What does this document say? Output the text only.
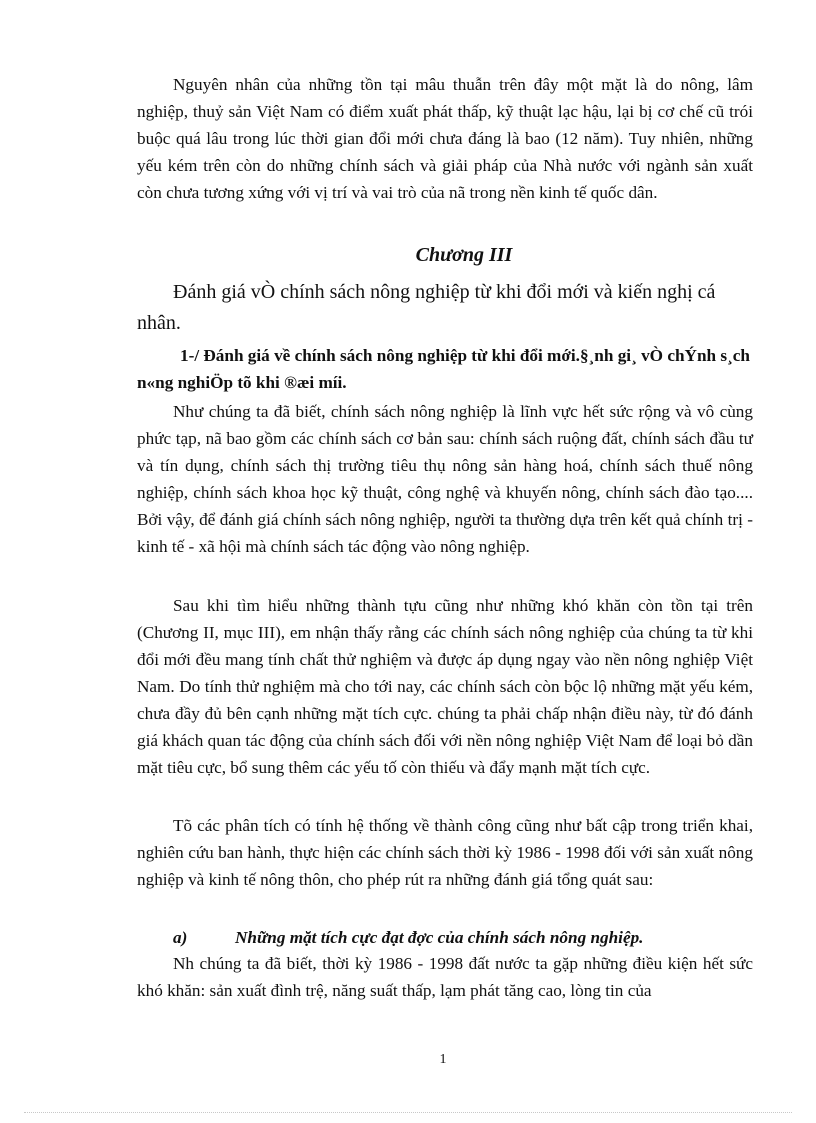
Nguyên nhân của những tồn tại mâu thuẫn trên đây một mặt là do nông, lâm nghiệp, thuỷ sản Việt Nam có điểm xuất phát thấp, kỹ thuật lạc hậu, lại bị cơ chế cũ trói buộc quá lâu trong lúc thời gian đổi mới chưa đáng là bao (12 năm). Tuy nhiên, những yếu kém trên còn do những chính sách và giải pháp của Nhà nước với ngành sản xuất còn chưa tương xứng với vị trí và vai trò của nã trong nền kinh tế quốc dân.

Chương III

Đánh giá vÒ chính sách nông nghiệp từ khi đổi mới và kiến nghị cá nhân.

1-/ Đánh giá về chính sách nông nghiệp từ khi đổi mới.§¸nh gi¸ vÒ chÝnh s¸ch n«ng nghiÖp tõ khi ®æi míi.

Như chúng ta đã biết, chính sách nông nghiệp là lĩnh vực hết sức rộng và vô cùng phức tạp, nã bao gồm các chính sách cơ bản sau: chính sách ruộng đất, chính sách đầu tư và tín dụng, chính sách thị trường tiêu thụ nông sản hàng hoá, chính sách thuế nông nghiệp, chính sách khoa học kỹ thuật, công nghệ và khuyến nông, chính sách đào tạo.... Bởi vậy, để đánh giá chính sách nông nghiệp, người ta thường dựa trên kết quả chính trị - kinh tế - xã hội mà chính sách tác động vào nông nghiệp.

Sau khi tìm hiểu những thành tựu cũng như những khó khăn còn tồn tại trên (Chương II, mục III), em nhận thấy rằng các chính sách nông nghiệp của chúng ta từ khi đổi mới đều mang tính chất thử nghiệm và được áp dụng ngay vào nền nông nghiệp Việt Nam. Do tính thử nghiệm mà cho tới nay, các chính sách còn bộc lộ những mặt yếu kém, chưa đầy đủ bên cạnh những mặt tích cực. chúng ta phải chấp nhận điều này, từ đó đánh giá khách quan tác động của chính sách đối với nền nông nghiệp Việt Nam để loại bỏ dần mặt tiêu cực, bổ sung thêm các yếu tố còn thiếu và đẩy mạnh mặt tích cực.

Tõ các phân tích có tính hệ thống về thành công cũng như bất cập trong triển khai, nghiên cứu ban hành, thực hiện các chính sách thời kỳ 1986 - 1998 đối với sản xuất nông nghiệp và kinh tế nông thôn, cho phép rút ra những đánh giá tổng quát sau:

a)	Những mặt tích cực đạt đợc của chính sách nông nghiệp.

Nh chúng ta đã biết, thời kỳ 1986 - 1998 đất nước ta gặp những điều kiện hết sức khó khăn: sản xuất đình trệ, năng suất thấp, lạm phát tăng cao, lòng tin của

1
